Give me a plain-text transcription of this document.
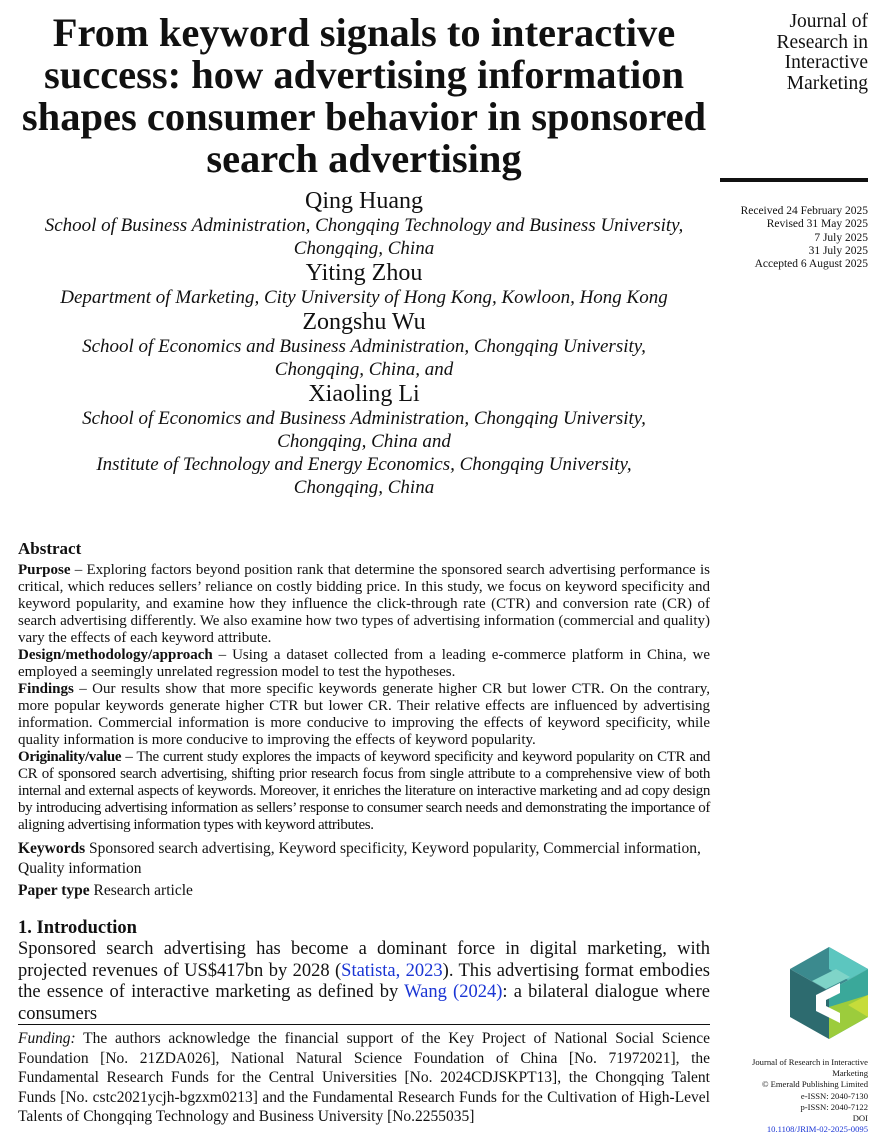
From keyword signals to interactive success: how advertising information shapes consumer behavior in sponsored search advertising
Qing Huang
School of Business Administration, Chongqing Technology and Business University,
Chongqing, China
Yiting Zhou
Department of Marketing, City University of Hong Kong, Kowloon, Hong Kong
Zongshu Wu
School of Economics and Business Administration, Chongqing University,
Chongqing, China, and
Xiaoling Li
School of Economics and Business Administration, Chongqing University,
Chongqing, China and
Institute of Technology and Energy Economics, Chongqing University,
Chongqing, China
Journal of
Research in
Interactive
Marketing
Received 24 February 2025
Revised 31 May 2025
7 July 2025
31 July 2025
Accepted 6 August 2025
Journal of Research in Interactive
Marketing
© Emerald Publishing Limited
e-ISSN: 2040-7130
p-ISSN: 2040-7122
DOI
10.1108/JRIM-02-2025-0095
Abstract

Purpose – Exploring factors beyond position rank that determine the sponsored search advertising performance is critical, which reduces sellers’ reliance on costly bidding price. In this study, we focus on keyword specificity and keyword popularity, and examine how they influence the click-through rate (CTR) and conversion rate (CR) of search advertising differently. We also examine how two types of advertising information (commercial and quality) vary the effects of each keyword attribute.

Design/methodology/approach – Using a dataset collected from a leading e-commerce platform in China, we employed a seemingly unrelated regression model to test the hypotheses.

Findings – Our results show that more specific keywords generate higher CR but lower CTR. On the contrary, more popular keywords generate higher CTR but lower CR. Their relative effects are influenced by advertising information. Commercial information is more conducive to improving the effects of keyword specificity, while quality information is more conducive to improving the effects of keyword popularity.

Originality/value – The current study explores the impacts of keyword specificity and keyword popularity on CTR and CR of sponsored search advertising, shifting prior research focus from single attribute to a comprehensive view of both internal and external aspects of keywords. Moreover, it enriches the literature on interactive marketing and ad copy design by introducing advertising information as sellers’ response to consumer search needs and demonstrating the importance of aligning advertising information types with keyword attributes.

Keywords Sponsored search advertising, Keyword specificity, Keyword popularity, Commercial information, Quality information
Paper type Research article
1. Introduction

Sponsored search advertising has become a dominant force in digital marketing, with projected revenues of US$417bn by 2028 (Statista, 2023). This advertising format embodies the essence of interactive marketing as defined by Wang (2024): a bilateral dialogue where consumers

Funding: The authors acknowledge the financial support of the Key Project of National Social Science Foundation [No. 21ZDA026], National Natural Science Foundation of China [No. 71972021], the Fundamental Research Funds for the Central Universities [No. 2024CDJSKPT13], the Chongqing Talent Funds [No. cstc2021ycjh-bgzxm0213] and the Fundamental Research Funds for the Cultivation of High-Level Talents of Chongqing Technology and Business University [No.2255035]
